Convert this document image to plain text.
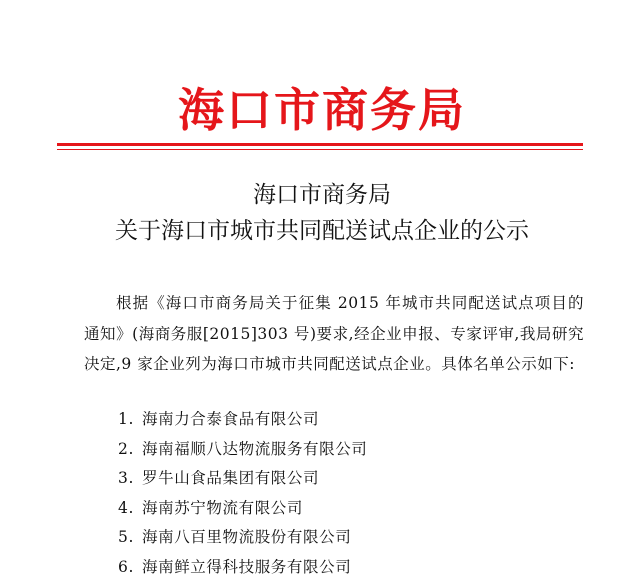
海口市商务局
海口市商务局
关于海口市城市共同配送试点企业的公示
根据《海口市商务局关于征集 2015 年城市共同配送试点项目的通知》(海商务服[2015]303 号)要求,经企业申报、专家评审,我局研究决定,9 家企业列为海口市城市共同配送试点企业。具体名单公示如下:
1. 海南力合泰食品有限公司
2. 海南福顺八达物流服务有限公司
3. 罗牛山食品集团有限公司
4. 海南苏宁物流有限公司
5. 海南八百里物流股份有限公司
6. 海南鲜立得科技服务有限公司
